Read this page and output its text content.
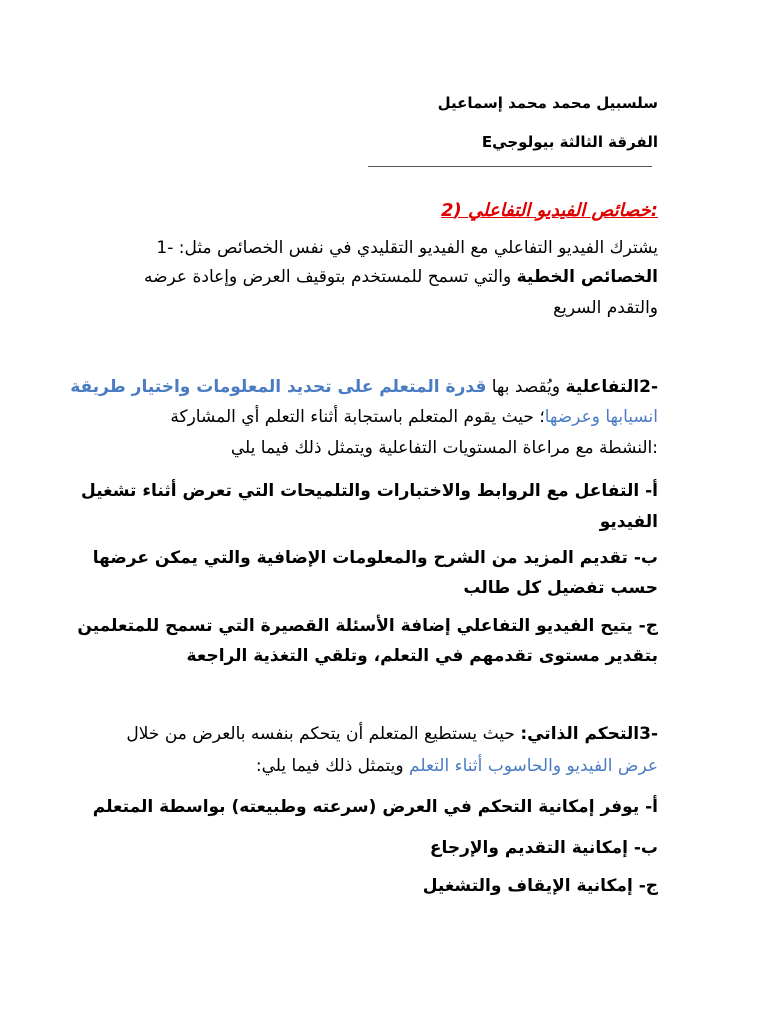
سلسبيل محمد محمد إسماعيل

الفرقة الثالثة بيولوجيE

:خصائص الفيديو التفاعلي (2

يشترك الفيديو التفاعلي مع الفيديو التقليدي في نفس الخصائص مثل: -1

الخصائص الخطية والتي تسمح للمستخدم بتوقيف العرض وإعادة عرضه

والتقدم السريع

-2التفاعلية ويُقصد بها قدرة المتعلم على تحديد المعلومات واختيار طريقة

انسيابها وعرضها؛ حيث يقوم المتعلم باستجابة أثناء التعلم أي المشاركة

:النشطة مع مراعاة المستويات التفاعلية ويتمثل ذلك فيما يلي

أ- التفاعل مع الروابط والاختبارات والتلميحات التي تعرض أثناء تشغيل

الفيديو

ب- تقديم المزيد من الشرح والمعلومات الإضافية والتي يمكن عرضها

حسب تفضيل كل طالب

ج- يتيح الفيديو التفاعلي إضافة الأسئلة القصيرة التي تسمح للمتعلمين

بتقدير مستوى تقدمهم في التعلم، وتلقي التغذية الراجعة

-3التحكم الذاتي: حيث يستطيع المتعلم أن يتحكم بنفسه بالعرض من خلال

عرض الفيديو والحاسوب أثناء التعلم ويتمثل ذلك فيما يلي:

أ- يوفر إمكانية التحكم في العرض (سرعته وطبيعته) بواسطة المتعلم

ب- إمكانية التقديم والإرجاع

ج- إمكانية الإيقاف والتشغيل
